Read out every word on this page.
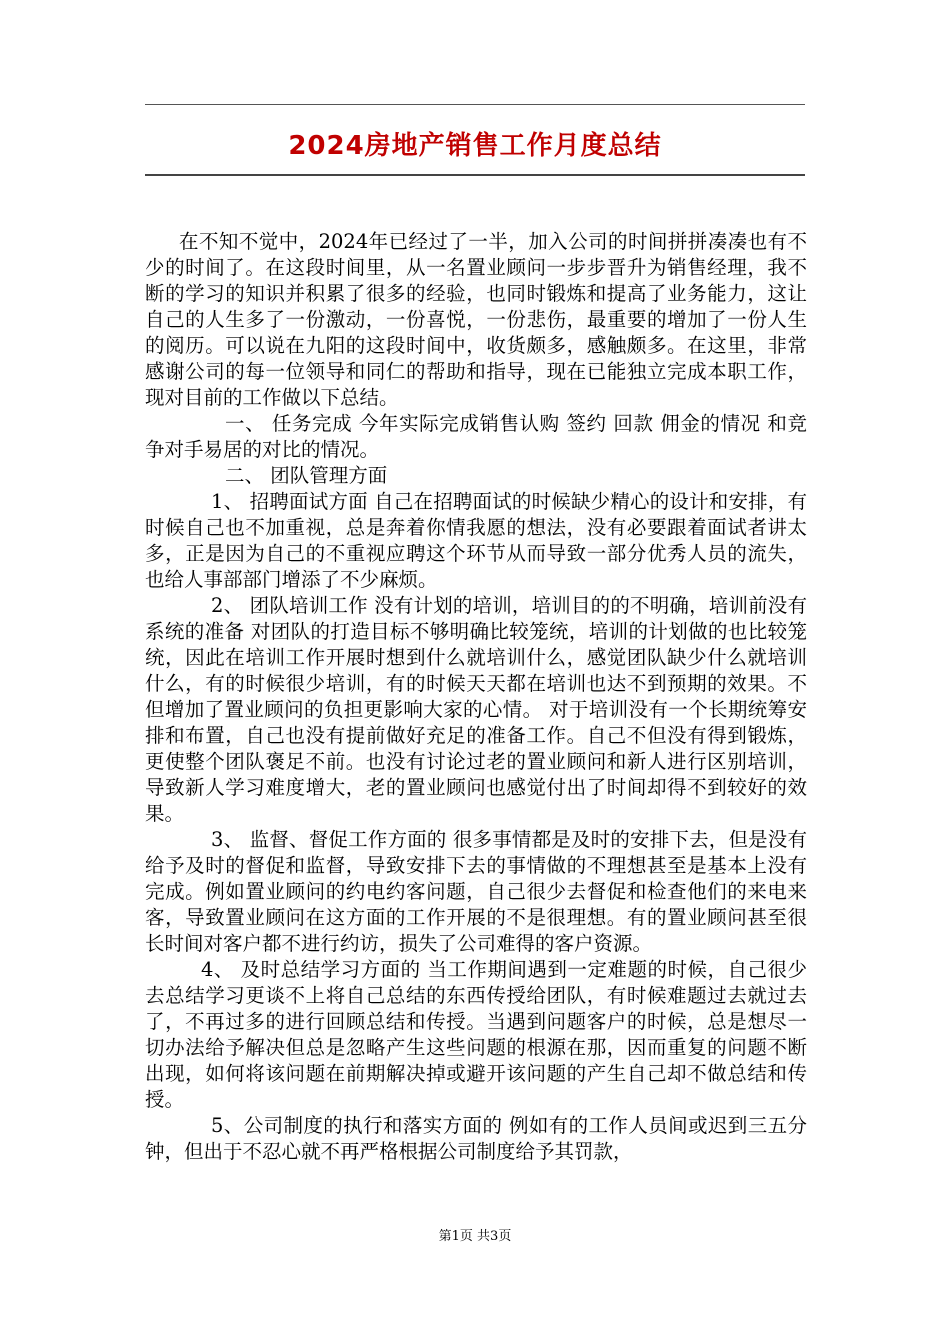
2024房地产销售工作月度总结

在不知不觉中，2024年已经过了一半，加入公司的时间拼拼凑凑也有不少的时间了。在这段时间里，从一名置业顾问一步步晋升为销售经理，我不断的学习的知识并积累了很多的经验，也同时锻炼和提高了业务能力，这让自己的人生多了一份激动，一份喜悦，一份悲伤，最重要的增加了一份人生的阅历。可以说在九阳的这段时间中，收货颇多，感触颇多。在这里，非常感谢公司的每一位领导和同仁的帮助和指导，现在已能独立完成本职工作，现对目前的工作做以下总结。

一、 任务完成 今年实际完成销售认购 签约 回款 佣金的情况 和竞争对手易居的对比的情况。

二、 团队管理方面

1、 招聘面试方面 自己在招聘面试的时候缺少精心的设计和安排，有时候自己也不加重视，总是奔着你情我愿的想法，没有必要跟着面试者讲太多，正是因为自己的不重视应聘这个环节从而导致一部分优秀人员的流失，也给人事部部门增添了不少麻烦。

2、 团队培训工作 没有计划的培训，培训目的的不明确，培训前没有系统的准备 对团队的打造目标不够明确比较笼统，培训的计划做的也比较笼统，因此在培训工作开展时想到什么就培训什么，感觉团队缺少什么就培训什么，有的时候很少培训，有的时候天天都在培训也达不到预期的效果。不但增加了置业顾问的负担更影响大家的心情。 对于培训没有一个长期统筹安排和布置，自己也没有提前做好充足的准备工作。自己不但没有得到锻炼，更使整个团队褒足不前。也没有讨论过老的置业顾问和新人进行区别培训，导致新人学习难度增大，老的置业顾问也感觉付出了时间却得不到较好的效果。

3、 监督、督促工作方面的 很多事情都是及时的安排下去，但是没有给予及时的督促和监督，导致安排下去的事情做的不理想甚至是基本上没有完成。例如置业顾问的约电约客问题，自己很少去督促和检查他们的来电来客，导致置业顾问在这方面的工作开展的不是很理想。有的置业顾问甚至很长时间对客户都不进行约访，损失了公司难得的客户资源。

4、 及时总结学习方面的 当工作期间遇到一定难题的时候，自己很少去总结学习更谈不上将自己总结的东西传授给团队，有时候难题过去就过去了，不再过多的进行回顾总结和传授。当遇到问题客户的时候，总是想尽一切办法给予解决但总是忽略产生这些问题的根源在那，因而重复的问题不断出现，如何将该问题在前期解决掉或避开该问题的产生自己却不做总结和传授。

5、公司制度的执行和落实方面的 例如有的工作人员间或迟到三五分钟，但出于不忍心就不再严格根据公司制度给予其罚款，

第1页 共3页
